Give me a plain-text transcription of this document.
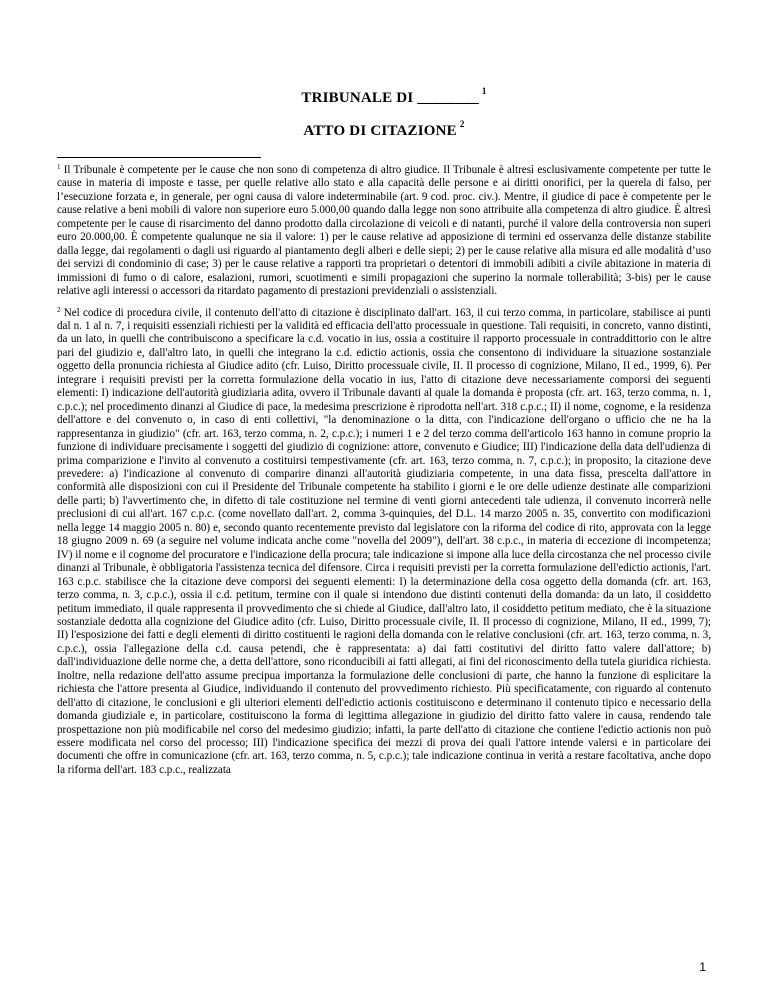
TRIBUNALE DI ________ $^1$
ATTO DI CITAZIONE $^2$

$^1$ Il Tribunale è competente per le cause che non sono di competenza di altro giudice. Il Tribunale è altresì esclusivamente competente per tutte le cause in materia di imposte e tasse, per quelle relative allo stato e alla capacità delle persone e ai diritti onorifici, per la querela di falso, per l’esecuzione forzata e, in generale, per ogni causa di valore indeterminabile (art. 9 cod. proc. civ.). Mentre, il giudice di pace è competente per le cause relative a beni mobili di valore non superiore euro 5.000,00 quando dalla legge non sono attribuite alla competenza di altro giudice. È altresì competente per le cause di risarcimento del danno prodotto dalla circolazione di veicoli e di natanti, purché il valore della controversia non superi euro 20.000,00. È competente qualunque ne sia il valore: 1) per le cause relative ad apposizione di termini ed osservanza delle distanze stabilite dalla legge, dai regolamenti o dagli usi riguardo al piantamento degli alberi e delle siepi; 2) per le cause relative alla misura ed alle modalità d’uso dei servizi di condominio di case; 3) per le cause relative a rapporti tra proprietari o detentori di immobili adibiti a civile abitazione in materia di immissioni di fumo o di calore, esalazioni, rumori, scuotimenti e simili propagazioni che superino la normale tollerabilità; 3-bis) per le cause relative agli interessi o accessori da ritardato pagamento di prestazioni previdenziali o assistenziali.

$^2$ Nel codice di procedura civile, il contenuto dell'atto di citazione è disciplinato dall'art. 163, il cui terzo comma, in particolare, stabilisce ai punti dal n. 1 al n. 7, i requisiti essenziali richiesti per la validità ed efficacia dell'atto processuale in questione. Tali requisiti, in concreto, vanno distinti, da un lato, in quelli che contribuiscono a specificare la c.d. vocatio in ius, ossia a costituire il rapporto processuale in contraddittorio con le altre pari del giudizio e, dall'altro lato, in quelli che integrano la c.d. edictio actionis, ossia che consentono di individuare la situazione sostanziale oggetto della pronuncia richiesta al Giudice adito (cfr. Luiso, Diritto processuale civile, II. Il processo di cognizione, Milano, II ed., 1999, 6). Per integrare i requisiti previsti per la corretta formulazione della vocatio in ius, l'atto di citazione deve necessariamente comporsi dei seguenti elementi: I) indicazione dell'autorità giudiziaria adita, ovvero il Tribunale davanti al quale la domanda è proposta (cfr. art. 163, terzo comma, n. 1, c.p.c.); nel procedimento dinanzi al Giudice di pace, la medesima prescrizione è riprodotta nell'art. 318 c.p.c.; II) il nome, cognome, e la residenza dell'attore e del convenuto o, in caso di enti collettivi, "la denominazione o la ditta, con l'indicazione dell'organo o ufficio che ne ha la rappresentanza in giudizio" (cfr. art. 163, terzo comma, n. 2, c.p.c.); i numeri 1 e 2 del terzo comma dell'articolo 163 hanno in comune proprio la funzione di individuare precisamente i soggetti del giudizio di cognizione: attore, convenuto e Giudice; III) l'indicazione della data dell'udienza di prima comparizione e l'invito al convenuto a costituirsi tempestivamente (cfr. art. 163, terzo comma, n. 7, c.p.c.); in proposito, la citazione deve prevedere: a) l'indicazione al convenuto di comparire dinanzi all'autorità giudiziaria competente, in una data fissa, prescelta dall'attore in conformità alle disposizioni con cui il Presidente del Tribunale competente ha stabilito i giorni e le ore delle udienze destinate alle comparizioni delle parti; b) l'avvertimento che, in difetto di tale costituzione nel termine di venti giorni antecedenti tale udienza, il convenuto incorrerà nelle preclusioni di cui all'art. 167 c.p.c. (come novellato dall'art. 2, comma 3-quinquies, del D.L. 14 marzo 2005 n. 35, convertito con modificazioni nella legge 14 maggio 2005 n. 80) e, secondo quanto recentemente previsto dal legislatore con la riforma del codice di rito, approvata con la legge 18 giugno 2009 n. 69 (a seguire nel volume indicata anche come "novella del 2009"), dell'art. 38 c.p.c., in materia di eccezione di incompetenza; IV) il nome e il cognome del procuratore e l'indicazione della procura; tale indicazione si impone alla luce della circostanza che nel processo civile dinanzi al Tribunale, è obbligatoria l'assistenza tecnica del difensore. Circa i requisiti previsti per la corretta formulazione dell'edictio actionis, l'art. 163 c.p.c. stabilisce che la citazione deve comporsi dei seguenti elementi: I) la determinazione della cosa oggetto della domanda (cfr. art. 163, terzo comma, n. 3, c.p.c.), ossia il c.d. petitum, termine con il quale si intendono due distinti contenuti della domanda: da un lato, il cosiddetto petitum immediato, il quale rappresenta il provvedimento che si chiede al Giudice, dall'altro lato, il cosiddetto petitum mediato, che è la situazione sostanziale dedotta alla cognizione del Giudice adito (cfr. Luiso, Diritto processuale civile, II. Il processo di cognizione, Milano, II ed., 1999, 7); II) l'esposizione dei fatti e degli elementi di diritto costituenti le ragioni della domanda con le relative conclusioni (cfr. art. 163, terzo comma, n. 3, c.p.c.), ossia l'allegazione della c.d. causa petendi, che è rappresentata: a) dai fatti costitutivi del diritto fatto valere dall'attore; b) dall'individuazione delle norme che, a detta dell'attore, sono riconducibili ai fatti allegati, ai fini del riconoscimento della tutela giuridica richiesta. Inoltre, nella redazione dell'atto assume precipua importanza la formulazione delle conclusioni di parte, che hanno la funzione di esplicitare la richiesta che l'attore presenta al Giudice, individuando il contenuto del provvedimento richiesto. Più specificatamente, con riguardo al contenuto dell'atto di citazione, le conclusioni e gli ulteriori elementi dell'edictio actionis costituiscono e determinano il contenuto tipico e necessario della domanda giudiziale e, in particolare, costituiscono la forma di legittima allegazione in giudizio del diritto fatto valere in causa, rendendo tale prospettazione non più modificabile nel corso del medesimo giudizio; infatti, la parte dell'atto di citazione che contiene l'edictio actionis non può essere modificata nel corso del processo; III) l'indicazione specifica dei mezzi di prova dei quali l'attore intende valersi e in particolare dei documenti che offre in comunicazione (cfr. art. 163, terzo comma, n. 5, c.p.c.); tale indicazione continua in verità a restare facoltativa, anche dopo la riforma dell'art. 183 c.p.c., realizzata

1
